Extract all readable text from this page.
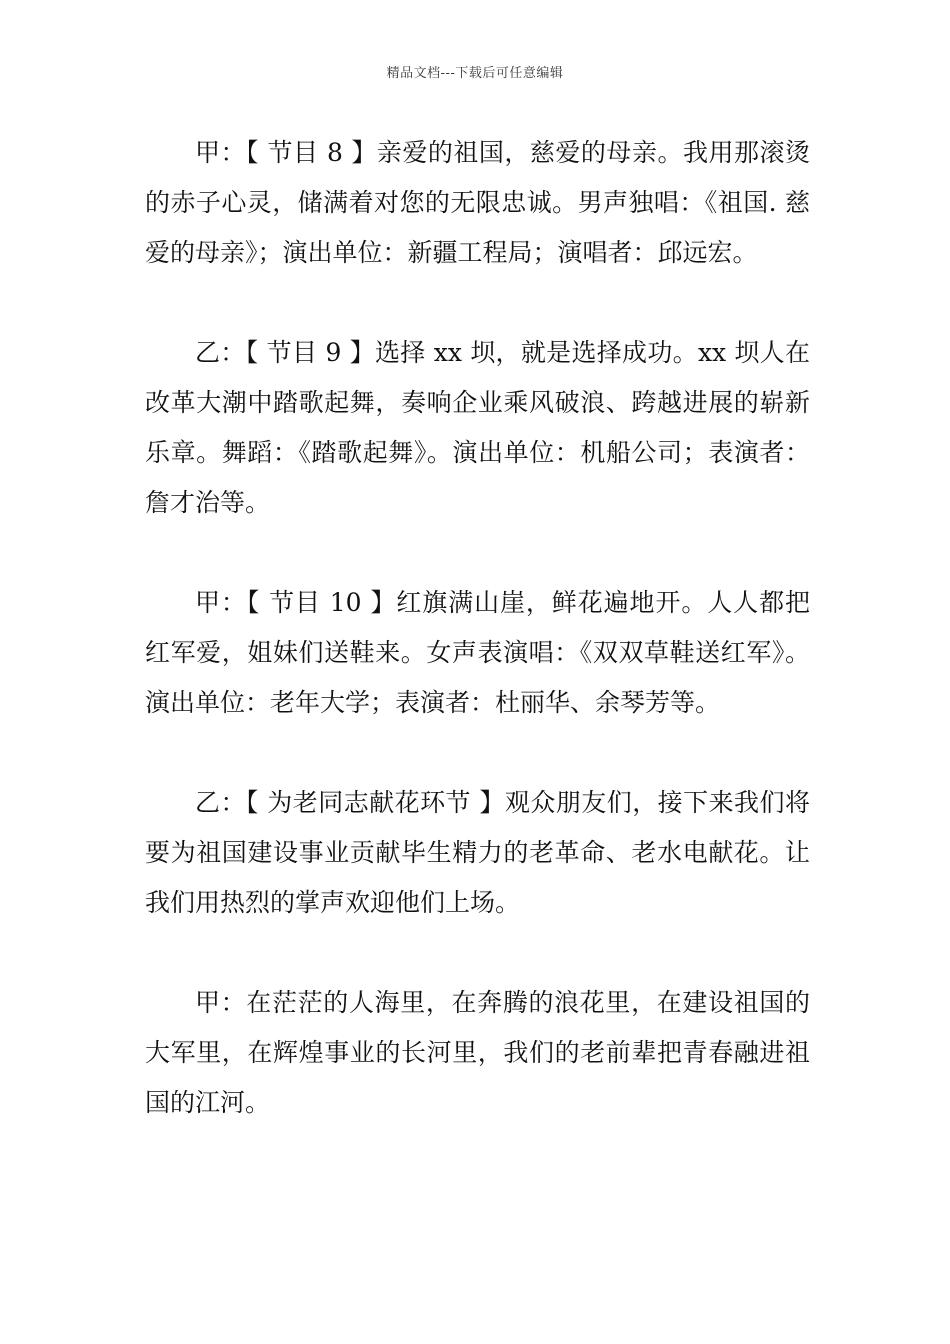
精品文档---下载后可任意编辑

甲：【 节目 8 】亲爱的祖国，慈爱的母亲。我用那滚烫的赤子心灵，储满着对您的无限忠诚。男声独唱：《祖国. 慈爱的母亲》；演出单位：新疆工程局；演唱者：邱远宏。

乙：【 节目 9 】选择 xx 坝，就是选择成功。xx 坝人在改革大潮中踏歌起舞，奏响企业乘风破浪、跨越进展的崭新乐章。舞蹈：《踏歌起舞》。演出单位：机船公司；表演者：詹才治等。

甲：【 节目 10 】红旗满山崖，鲜花遍地开。人人都把红军爱，姐妹们送鞋来。女声表演唱：《双双草鞋送红军》。演出单位：老年大学；表演者：杜丽华、余琴芳等。

乙：【 为老同志献花环节 】观众朋友们，接下来我们将要为祖国建设事业贡献毕生精力的老革命、老水电献花。让我们用热烈的掌声欢迎他们上场。

甲：在茫茫的人海里，在奔腾的浪花里，在建设祖国的大军里，在辉煌事业的长河里，我们的老前辈把青春融进祖国的江河。
